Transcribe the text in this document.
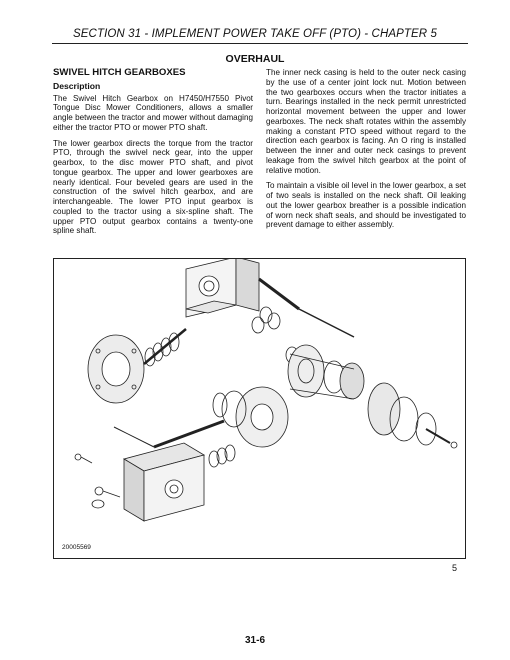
SECTION 31 - IMPLEMENT POWER TAKE OFF (PTO) - CHAPTER 5
OVERHAUL
SWIVEL HITCH GEARBOXES
Description

The Swivel Hitch Gearbox on H7450/H7550 Pivot Tongue Disc Mower Conditioners, allows a smaller angle between the tractor and mower without damaging either the tractor PTO or mower PTO shaft.

The lower gearbox directs the torque from the tractor PTO, through the swivel neck gear, into the upper gearbox, to the disc mower PTO shaft, and pivot tongue gearbox. The upper and lower gearboxes are nearly identical. Four beveled gears are used in the construction of the swivel hitch gearbox, and are interchangeable. The lower PTO input gearbox is coupled to the tractor using a six-spline shaft. The upper PTO output gearbox contains a twenty-one spline shaft.

The inner neck casing is held to the outer neck casing by the use of a center joint lock nut. Motion between the two gearboxes occurs when the tractor initiates a turn. Bearings installed in the neck permit unrestricted horizontal movement between the upper and lower gearboxes. The neck shaft rotates within the assembly making a constant PTO speed without regard to the direction each gearbox is facing. An O ring is installed between the inner and outer neck casings to prevent leakage from the swivel hitch gearbox at the point of relative motion.

To maintain a visible oil level in the lower gearbox, a set of two seals is installed on the neck shaft. Oil leaking out the lower gearbox breather is a possible indication of worn neck shaft seals, and should be investigated to prevent damage to either assembly.

20005569
5
31-6
